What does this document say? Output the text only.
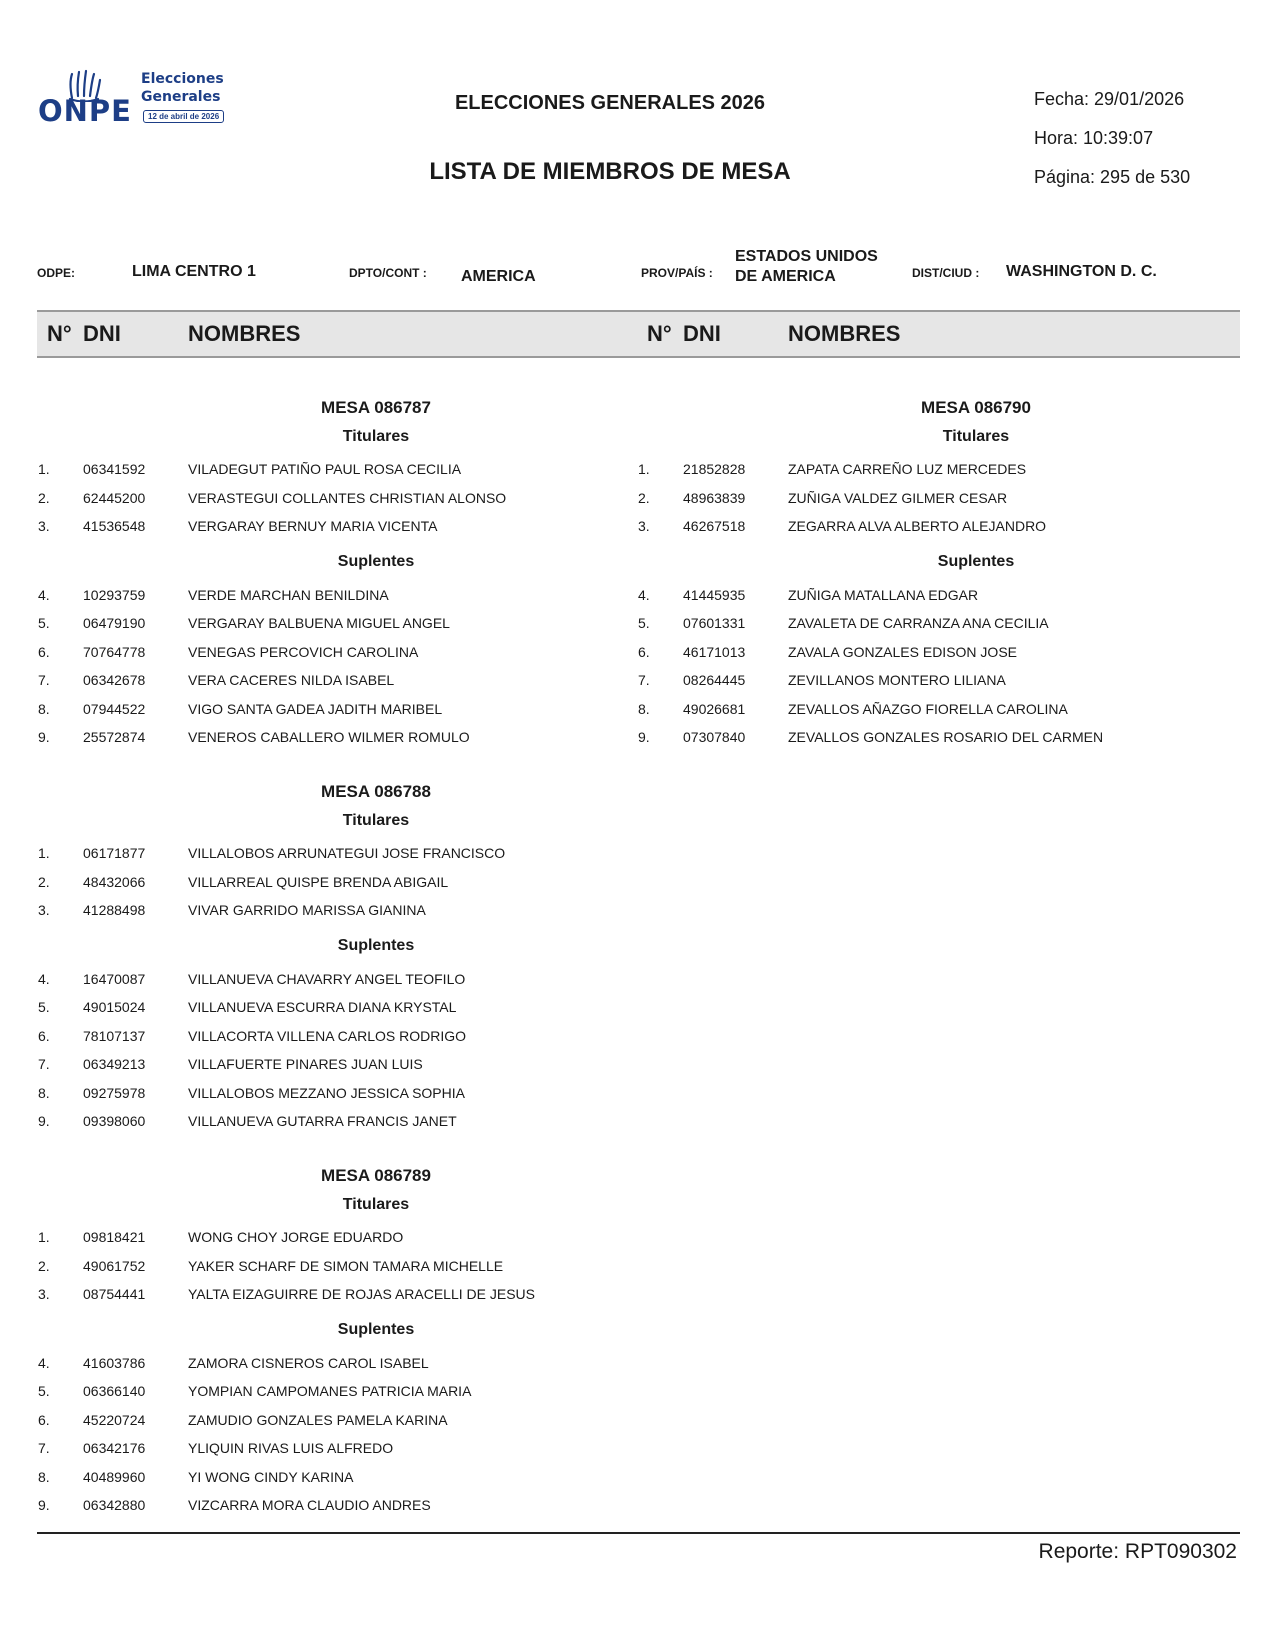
ONPE
Elecciones
Generales
12 de abril de 2026
ELECCIONES GENERALES 2026
LISTA DE MIEMBROS DE MESA
Fecha: 29/01/2026
Hora: 10:39:07
Página: 295 de 530
ODPE:	LIMA CENTRO 1	DPTO/CONT : AMERICA	PROV/PAÍS :
ESTADOS UNIDOS
DE AMERICA	DIST/CIUD : WASHINGTON D. C.
N° DNI	NOMBRES	N° DNI	NOMBRES
MESA 086787
Titulares
1. 06341592	VILADEGUT PATIÑO PAUL ROSA CECILIA
2. 62445200	VERASTEGUI COLLANTES CHRISTIAN ALONSO
3. 41536548	VERGARAY BERNUY MARIA VICENTA
Suplentes
4. 10293759	VERDE MARCHAN BENILDINA
5. 06479190	VERGARAY BALBUENA MIGUEL ANGEL
6. 70764778	VENEGAS PERCOVICH CAROLINA
7. 06342678	VERA CACERES NILDA ISABEL
8. 07944522	VIGO SANTA GADEA JADITH MARIBEL
9. 25572874	VENEROS CABALLERO WILMER ROMULO
MESA 086788
Titulares
1. 06171877	VILLALOBOS ARRUNATEGUI JOSE FRANCISCO
2. 48432066	VILLARREAL QUISPE BRENDA ABIGAIL
3. 41288498	VIVAR GARRIDO MARISSA GIANINA
Suplentes
4. 16470087	VILLANUEVA CHAVARRY ANGEL TEOFILO
5. 49015024	VILLANUEVA ESCURRA DIANA KRYSTAL
6. 78107137	VILLACORTA VILLENA CARLOS RODRIGO
7. 06349213	VILLAFUERTE PINARES JUAN LUIS
8. 09275978	VILLALOBOS MEZZANO JESSICA SOPHIA
9. 09398060	VILLANUEVA GUTARRA FRANCIS JANET
MESA 086789
Titulares
1. 09818421	WONG CHOY JORGE EDUARDO
2. 49061752	YAKER SCHARF DE SIMON TAMARA MICHELLE
3. 08754441	YALTA EIZAGUIRRE DE ROJAS ARACELLI DE JESUS
Suplentes
4. 41603786	ZAMORA CISNEROS CAROL ISABEL
5. 06366140	YOMPIAN CAMPOMANES PATRICIA MARIA
6. 45220724	ZAMUDIO GONZALES PAMELA KARINA
7. 06342176	YLIQUIN RIVAS LUIS ALFREDO
8. 40489960	YI WONG CINDY KARINA
9. 06342880	VIZCARRA MORA CLAUDIO ANDRES
MESA 086790
Titulares
1. 21852828	ZAPATA CARREÑO LUZ MERCEDES
2. 48963839	ZUÑIGA VALDEZ GILMER CESAR
3. 46267518	ZEGARRA ALVA ALBERTO ALEJANDRO
Suplentes
4. 41445935	ZUÑIGA MATALLANA EDGAR
5. 07601331	ZAVALETA DE CARRANZA ANA CECILIA
6. 46171013	ZAVALA GONZALES EDISON JOSE
7. 08264445	ZEVILLANOS MONTERO LILIANA
8. 49026681	ZEVALLOS AÑAZGO FIORELLA CAROLINA
9. 07307840	ZEVALLOS GONZALES ROSARIO DEL CARMEN
Reporte: RPT090302
